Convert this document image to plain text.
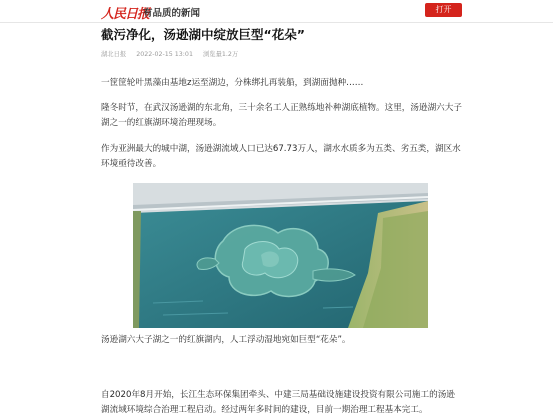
人民日报
有品质的新闻	打开
截污净化，汤逊湖中绽放巨型“花朵”
湖北日报 2022-02-15 13:01 浏览量1.2万

一筐筐轮叶黑藻由基地z运至湖边，分株绑扎再装船，到湖面抛种……

隆冬时节，在武汉汤逊湖的东北角，三十余名工人正熟练地补种湖底植物。这里，汤逊湖六大子湖之一的红旗湖环境治理现场。

作为亚洲最大的城中湖，汤逊湖流域人口已达67.73万人，湖水水质多为五类、劣五类，湖区水环境亟待改善。

汤逊湖六大子湖之一的红旗湖内，人工浮动湿地宛如巨型“花朵”。

自2020年8月开始，长江生态环保集团牵头、中建三局基础设施建设投资有限公司施工的汤逊湖流域环境综合治理工程启动。经过两年多时间的建设，目前一期治理工程基本完工。
